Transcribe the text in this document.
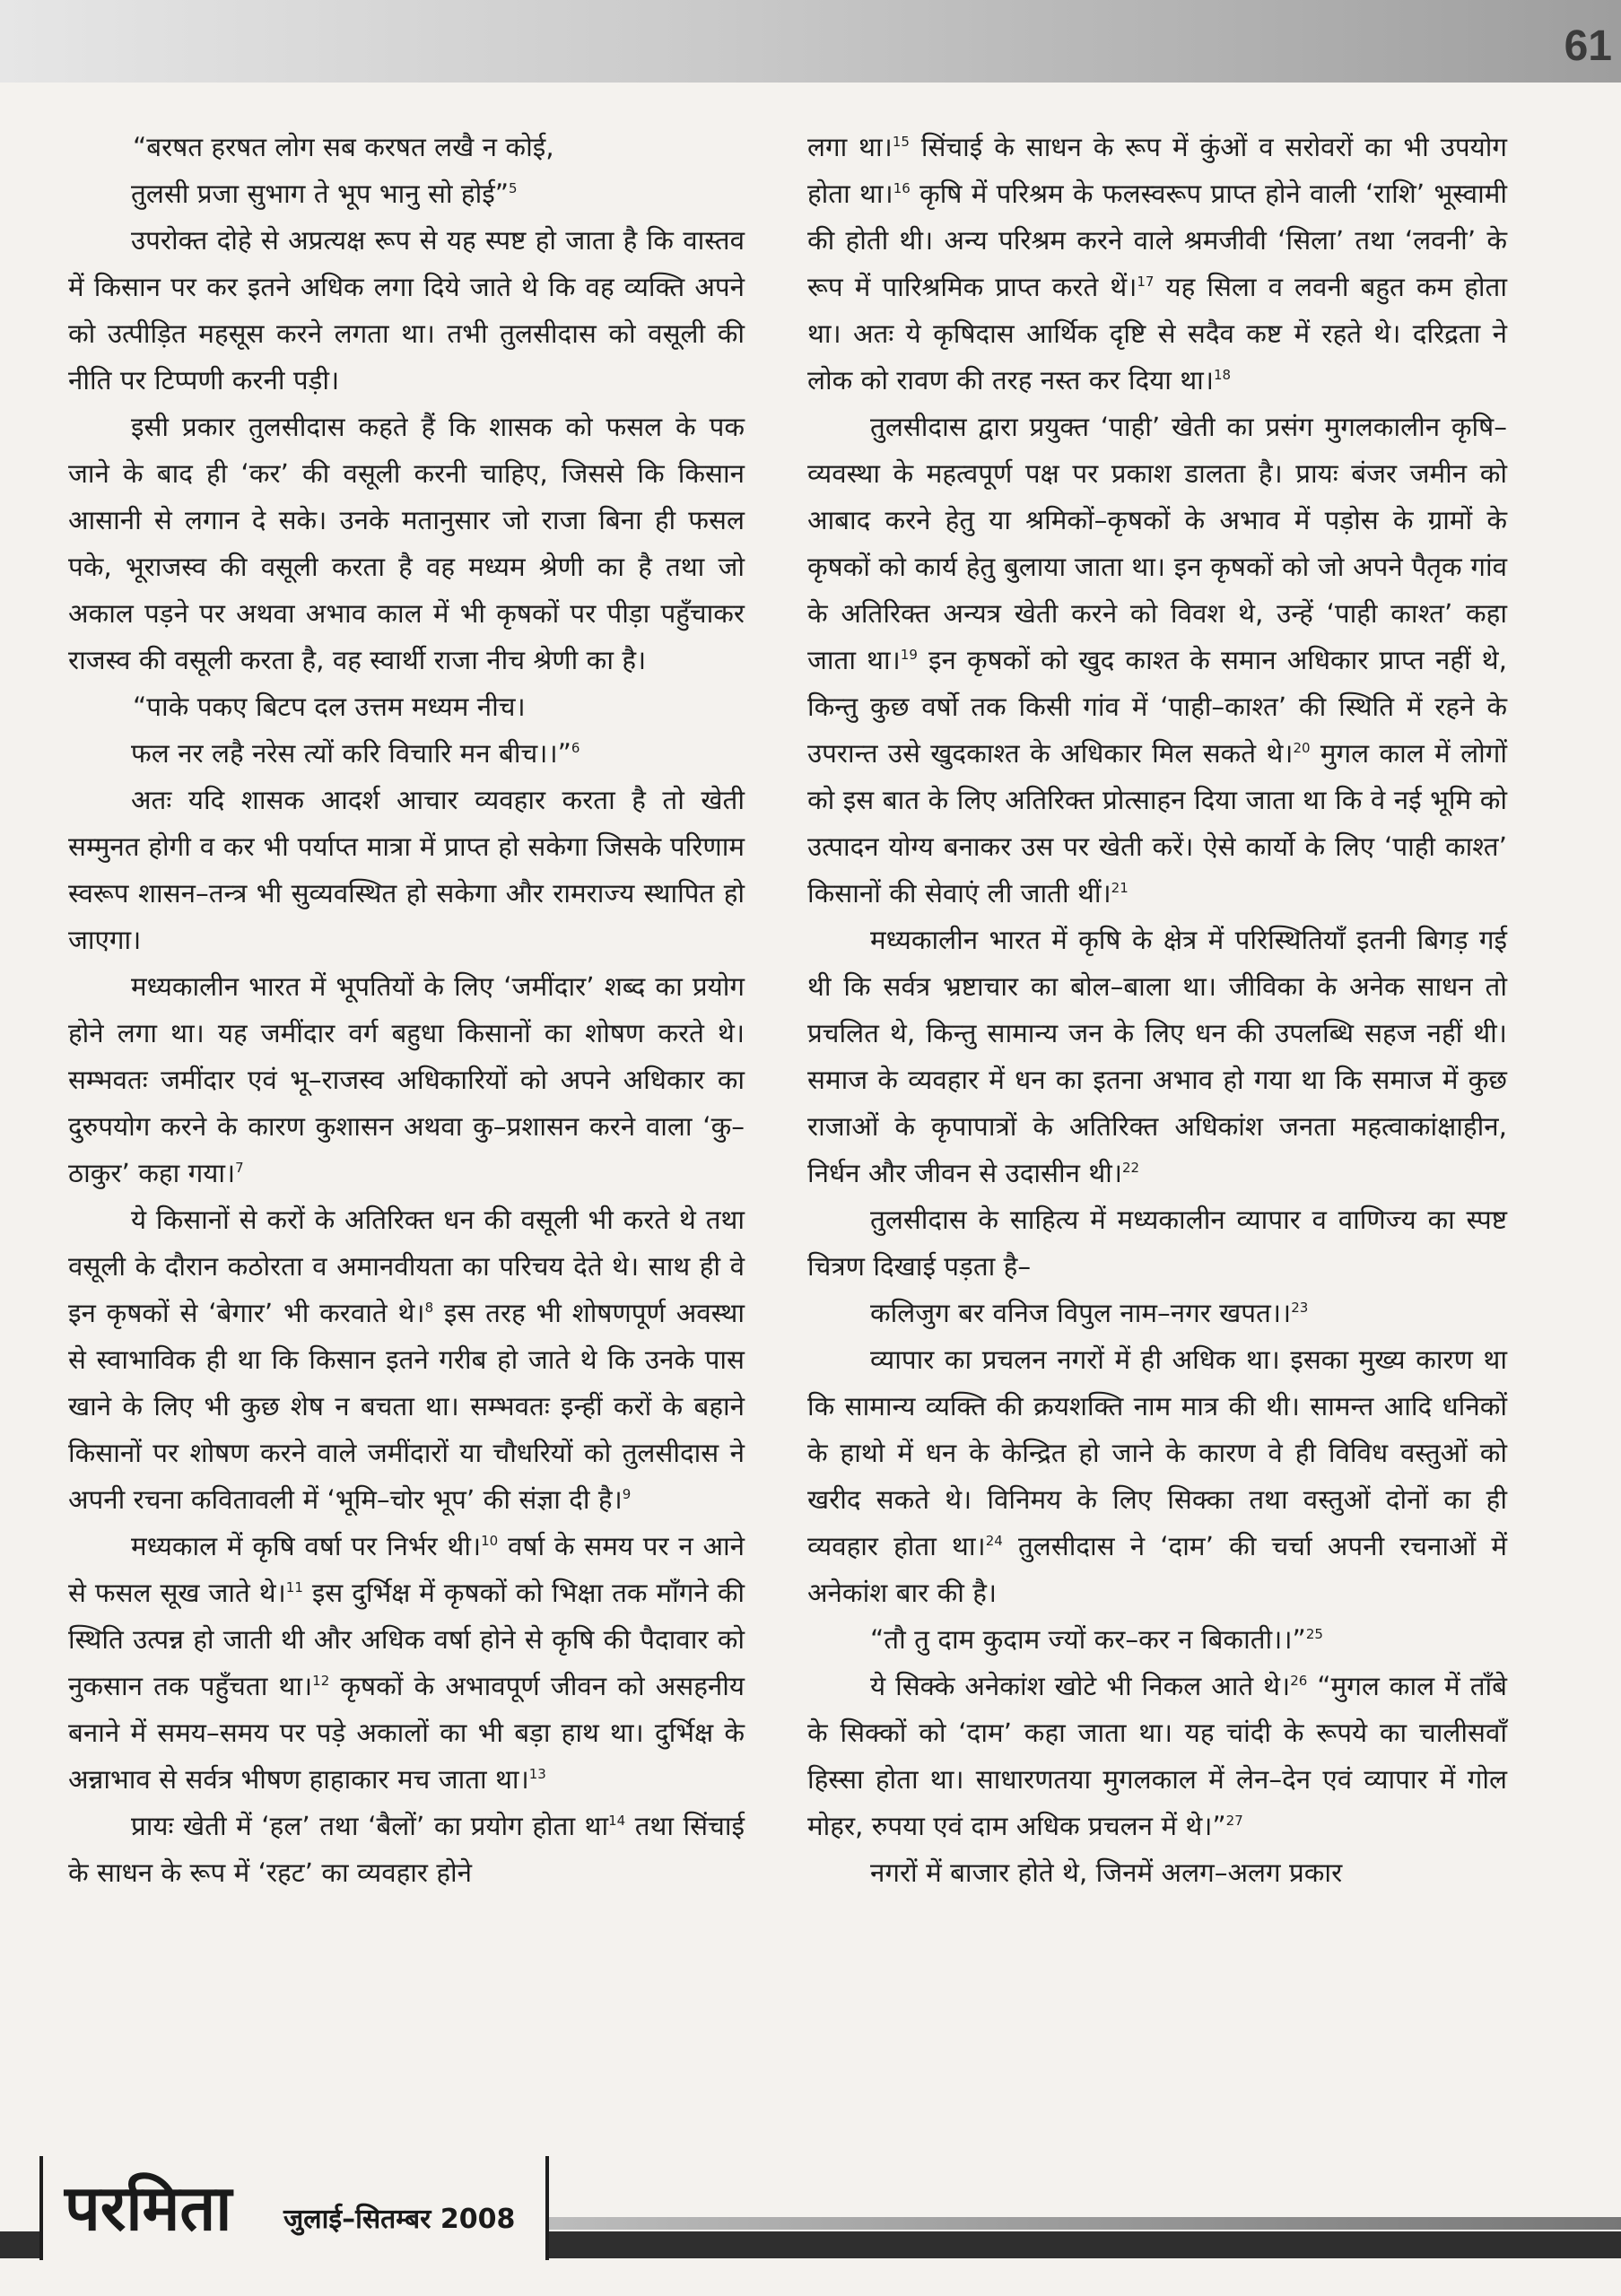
61

“बरषत हरषत लोग सब करषत लखै न कोई,

तुलसी प्रजा सुभाग ते भूप भानु सो होई”$^5$

उपरोक्त दोहे से अप्रत्यक्ष रूप से यह स्पष्ट हो जाता है कि वास्तव में किसान पर कर इतने अधिक लगा दिये जाते थे कि वह व्यक्ति अपने को उत्पीड़ित महसूस करने लगता था। तभी तुलसीदास को वसूली की नीति पर टिप्पणी करनी पड़ी।

इसी प्रकार तुलसीदास कहते हैं कि शासक को फसल के पक जाने के बाद ही ‘कर’ की वसूली करनी चाहिए, जिससे कि किसान आसानी से लगान दे सके। उनके मतानुसार जो राजा बिना ही फसल पके, भूराजस्व की वसूली करता है वह मध्यम श्रेणी का है तथा जो अकाल पड़ने पर अथवा अभाव काल में भी कृषकों पर पीड़ा पहुँचाकर राजस्व की वसूली करता है, वह स्वार्थी राजा नीच श्रेणी का है।

“पाके पकए बिटप दल उत्तम मध्यम नीच।

फल नर लहै नरेस त्यों करि विचारि मन बीच।।”$^6$

अतः यदि शासक आदर्श आचार व्यवहार करता है तो खेती सम्मुनत होगी व कर भी पर्याप्त मात्रा में प्राप्त हो सकेगा जिसके परिणाम स्वरूप शासन–तन्त्र भी सुव्यवस्थित हो सकेगा और रामराज्य स्थापित हो जाएगा।

मध्यकालीन भारत में भूपतियों के लिए ‘जमींदार’ शब्द का प्रयोग होने लगा था। यह जमींदार वर्ग बहुधा किसानों का शोषण करते थे। सम्भवतः जमींदार एवं भू–राजस्व अधिकारियों को अपने अधिकार का दुरुपयोग करने के कारण कुशासन अथवा कु–प्रशासन करने वाला ‘कु–ठाकुर’ कहा गया।$^7$

ये किसानों से करों के अतिरिक्त धन की वसूली भी करते थे तथा वसूली के दौरान कठोरता व अमानवीयता का परिचय देते थे। साथ ही वे इन कृषकों से ‘बेगार’ भी करवाते थे।$^8$ इस तरह भी शोषणपूर्ण अवस्था से स्वाभाविक ही था कि किसान इतने गरीब हो जाते थे कि उनके पास खाने के लिए भी कुछ शेष न बचता था। सम्भवतः इन्हीं करों के बहाने किसानों पर शोषण करने वाले जमींदारों या चौधरियों को तुलसीदास ने अपनी रचना कवितावली में ‘भूमि–चोर भूप’ की संज्ञा दी है।$^9$

मध्यकाल में कृषि वर्षा पर निर्भर थी।$^{10}$ वर्षा के समय पर न आने से फसल सूख जाते थे।$^{11}$ इस दुर्भिक्ष में कृषकों को भिक्षा तक माँगने की स्थिति उत्पन्न हो जाती थी और अधिक वर्षा होने से कृषि की पैदावार को नुकसान तक पहुँचता था।$^{12}$ कृषकों के अभावपूर्ण जीवन को असहनीय बनाने में समय–समय पर पड़े अकालों का भी बड़ा हाथ था। दुर्भिक्ष के अन्नाभाव से सर्वत्र भीषण हाहाकार मच जाता था।$^{13}$

प्रायः खेती में ‘हल’ तथा ‘बैलों’ का प्रयोग होता था$^{14}$ तथा सिंचाई के साधन के रूप में ‘रहट’ का व्यवहार होने

लगा था।$^{15}$ सिंचाई के साधन के रूप में कुंओं व सरोवरों का भी उपयोग होता था।$^{16}$ कृषि में परिश्रम के फलस्वरूप प्राप्त होने वाली ‘राशि’ भूस्वामी की होती थी। अन्य परिश्रम करने वाले श्रमजीवी ‘सिला’ तथा ‘लवनी’ के रूप में पारिश्रमिक प्राप्त करते थें।$^{17}$ यह सिला व लवनी बहुत कम होता था। अतः ये कृषिदास आर्थिक दृष्टि से सदैव कष्ट में रहते थे। दरिद्रता ने लोक को रावण की तरह नस्त कर दिया था।$^{18}$

तुलसीदास द्वारा प्रयुक्त ‘पाही’ खेती का प्रसंग मुगलकालीन कृषि–व्यवस्था के महत्वपूर्ण पक्ष पर प्रकाश डालता है। प्रायः बंजर जमीन को आबाद करने हेतु या श्रमिकों–कृषकों के अभाव में पड़ोस के ग्रामों के कृषकों को कार्य हेतु बुलाया जाता था। इन कृषकों को जो अपने पैतृक गांव के अतिरिक्त अन्यत्र खेती करने को विवश थे, उन्हें ‘पाही काश्त’ कहा जाता था।$^{19}$ इन कृषकों को खुद काश्त के समान अधिकार प्राप्त नहीं थे, किन्तु कुछ वर्षो तक किसी गांव में ‘पाही–काश्त’ की स्थिति में रहने के उपरान्त उसे खुदकाश्त के अधिकार मिल सकते थे।$^{20}$ मुगल काल में लोगों को इस बात के लिए अतिरिक्त प्रोत्साहन दिया जाता था कि वे नई भूमि को उत्पादन योग्य बनाकर उस पर खेती करें। ऐसे कार्यो के लिए ‘पाही काश्त’ किसानों की सेवाएं ली जाती थीं।$^{21}$

मध्यकालीन भारत में कृषि के क्षेत्र में परिस्थितियाँ इतनी बिगड़ गई थी कि सर्वत्र भ्रष्टाचार का बोल–बाला था। जीविका के अनेक साधन तो प्रचलित थे, किन्तु सामान्य जन के लिए धन की उपलब्धि सहज नहीं थी। समाज के व्यवहार में धन का इतना अभाव हो गया था कि समाज में कुछ राजाओं के कृपापात्रों के अतिरिक्त अधिकांश जनता महत्वाकांक्षाहीन, निर्धन और जीवन से उदासीन थी।$^{22}$

तुलसीदास के साहित्य में मध्यकालीन व्यापार व वाणिज्य का स्पष्ट चित्रण दिखाई पड़ता है–

कलिजुग बर वनिज विपुल नाम–नगर खपत।।$^{23}$

व्यापार का प्रचलन नगरों में ही अधिक था। इसका मुख्य कारण था कि सामान्य व्यक्ति की क्रयशक्ति नाम मात्र की थी। सामन्त आदि धनिकों के हाथो में धन के केन्द्रित हो जाने के कारण वे ही विविध वस्तुओं को खरीद सकते थे। विनिमय के लिए सिक्का तथा वस्तुओं दोनों का ही व्यवहार होता था।$^{24}$ तुलसीदास ने ‘दाम’ की चर्चा अपनी रचनाओं में अनेकांश बार की है।

“तौ तु दाम कुदाम ज्यों कर–कर न बिकाती।।”$^{25}$

ये सिक्के अनेकांश खोटे भी निकल आते थे।$^{26}$ “मुगल काल में ताँबे के सिक्कों को ‘दाम’ कहा जाता था। यह चांदी के रूपये का चालीसवाँ हिस्सा होता था। साधारणतया मुगलकाल में लेन–देन एवं व्यापार में गोल मोहर, रुपया एवं दाम अधिक प्रचलन में थे।”$^{27}$

नगरों में बाजार होते थे, जिनमें अलग–अलग प्रकार

परमिता जुलाई–सितम्बर 2008
